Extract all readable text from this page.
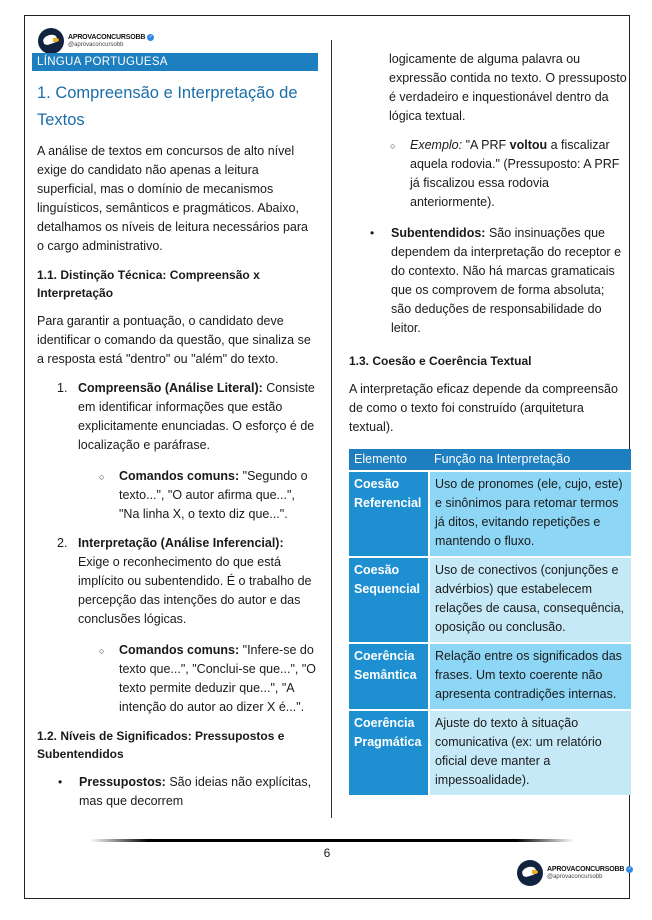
APROVACONCURSOBB ✓
@aprovaconcursobb
LÍNGUA PORTUGUESA
1. Compreensão e Interpretação de Textos

A análise de textos em concursos de alto nível exige do candidato não apenas a leitura superficial, mas o domínio de mecanismos linguísticos, semânticos e pragmáticos. Abaixo, detalhamos os níveis de leitura necessários para o cargo administrativo.

1.1. Distinção Técnica: Compreensão x Interpretação

Para garantir a pontuação, o candidato deve identificar o comando da questão, que sinaliza se a resposta está "dentro" ou "além" do texto.

1. Compreensão (Análise Literal): Consiste em identificar informações que estão explicitamente enunciadas. O esforço é de localização e paráfrase.
○ Comandos comuns: "Segundo o texto...", "O autor afirma que...", "Na linha X, o texto diz que...".
2. Interpretação (Análise Inferencial): Exige o reconhecimento do que está implícito ou subentendido. É o trabalho de percepção das intenções do autor e das conclusões lógicas.
○ Comandos comuns: "Infere-se do texto que...", "Conclui-se que...", "O texto permite deduzir que...", "A intenção do autor ao dizer X é...".
1.2. Níveis de Significados: Pressupostos e Subentendidos
• Pressupostos: São ideias não explícitas, mas que decorrem

logicamente de alguma palavra ou expressão contida no texto. O pressuposto é verdadeiro e inquestionável dentro da lógica textual.

○ Exemplo: "A PRF voltou a fiscalizar aquela rodovia." (Pressuposto: A PRF já fiscalizou essa rodovia anteriormente).

• Subentendidos: São insinuações que dependem da interpretação do receptor e do contexto. Não há marcas gramaticais que os comprovem de forma absoluta; são deduções de responsabilidade do leitor.
1.3. Coesão e Coerência Textual

A interpretação eficaz depende da compreensão de como o texto foi construído (arquitetura textual).

Elemento	Função na Interpretação
Coesão Referencial	Uso de pronomes (ele, cujo, este) e sinônimos para retomar termos já ditos, evitando repetições e mantendo o fluxo.
Coesão Sequencial	Uso de conectivos (conjunções e advérbios) que estabelecem relações de causa, consequência, oposição ou conclusão.
Coerência Semântica	Relação entre os significados das frases. Um texto coerente não apresenta contradições internas.
Coerência Pragmática	Ajuste do texto à situação comunicativa (ex: um relatório oficial deve manter a impessoalidade).
6
APROVACONCURSOBB ✓
@aprovaconcursobb
